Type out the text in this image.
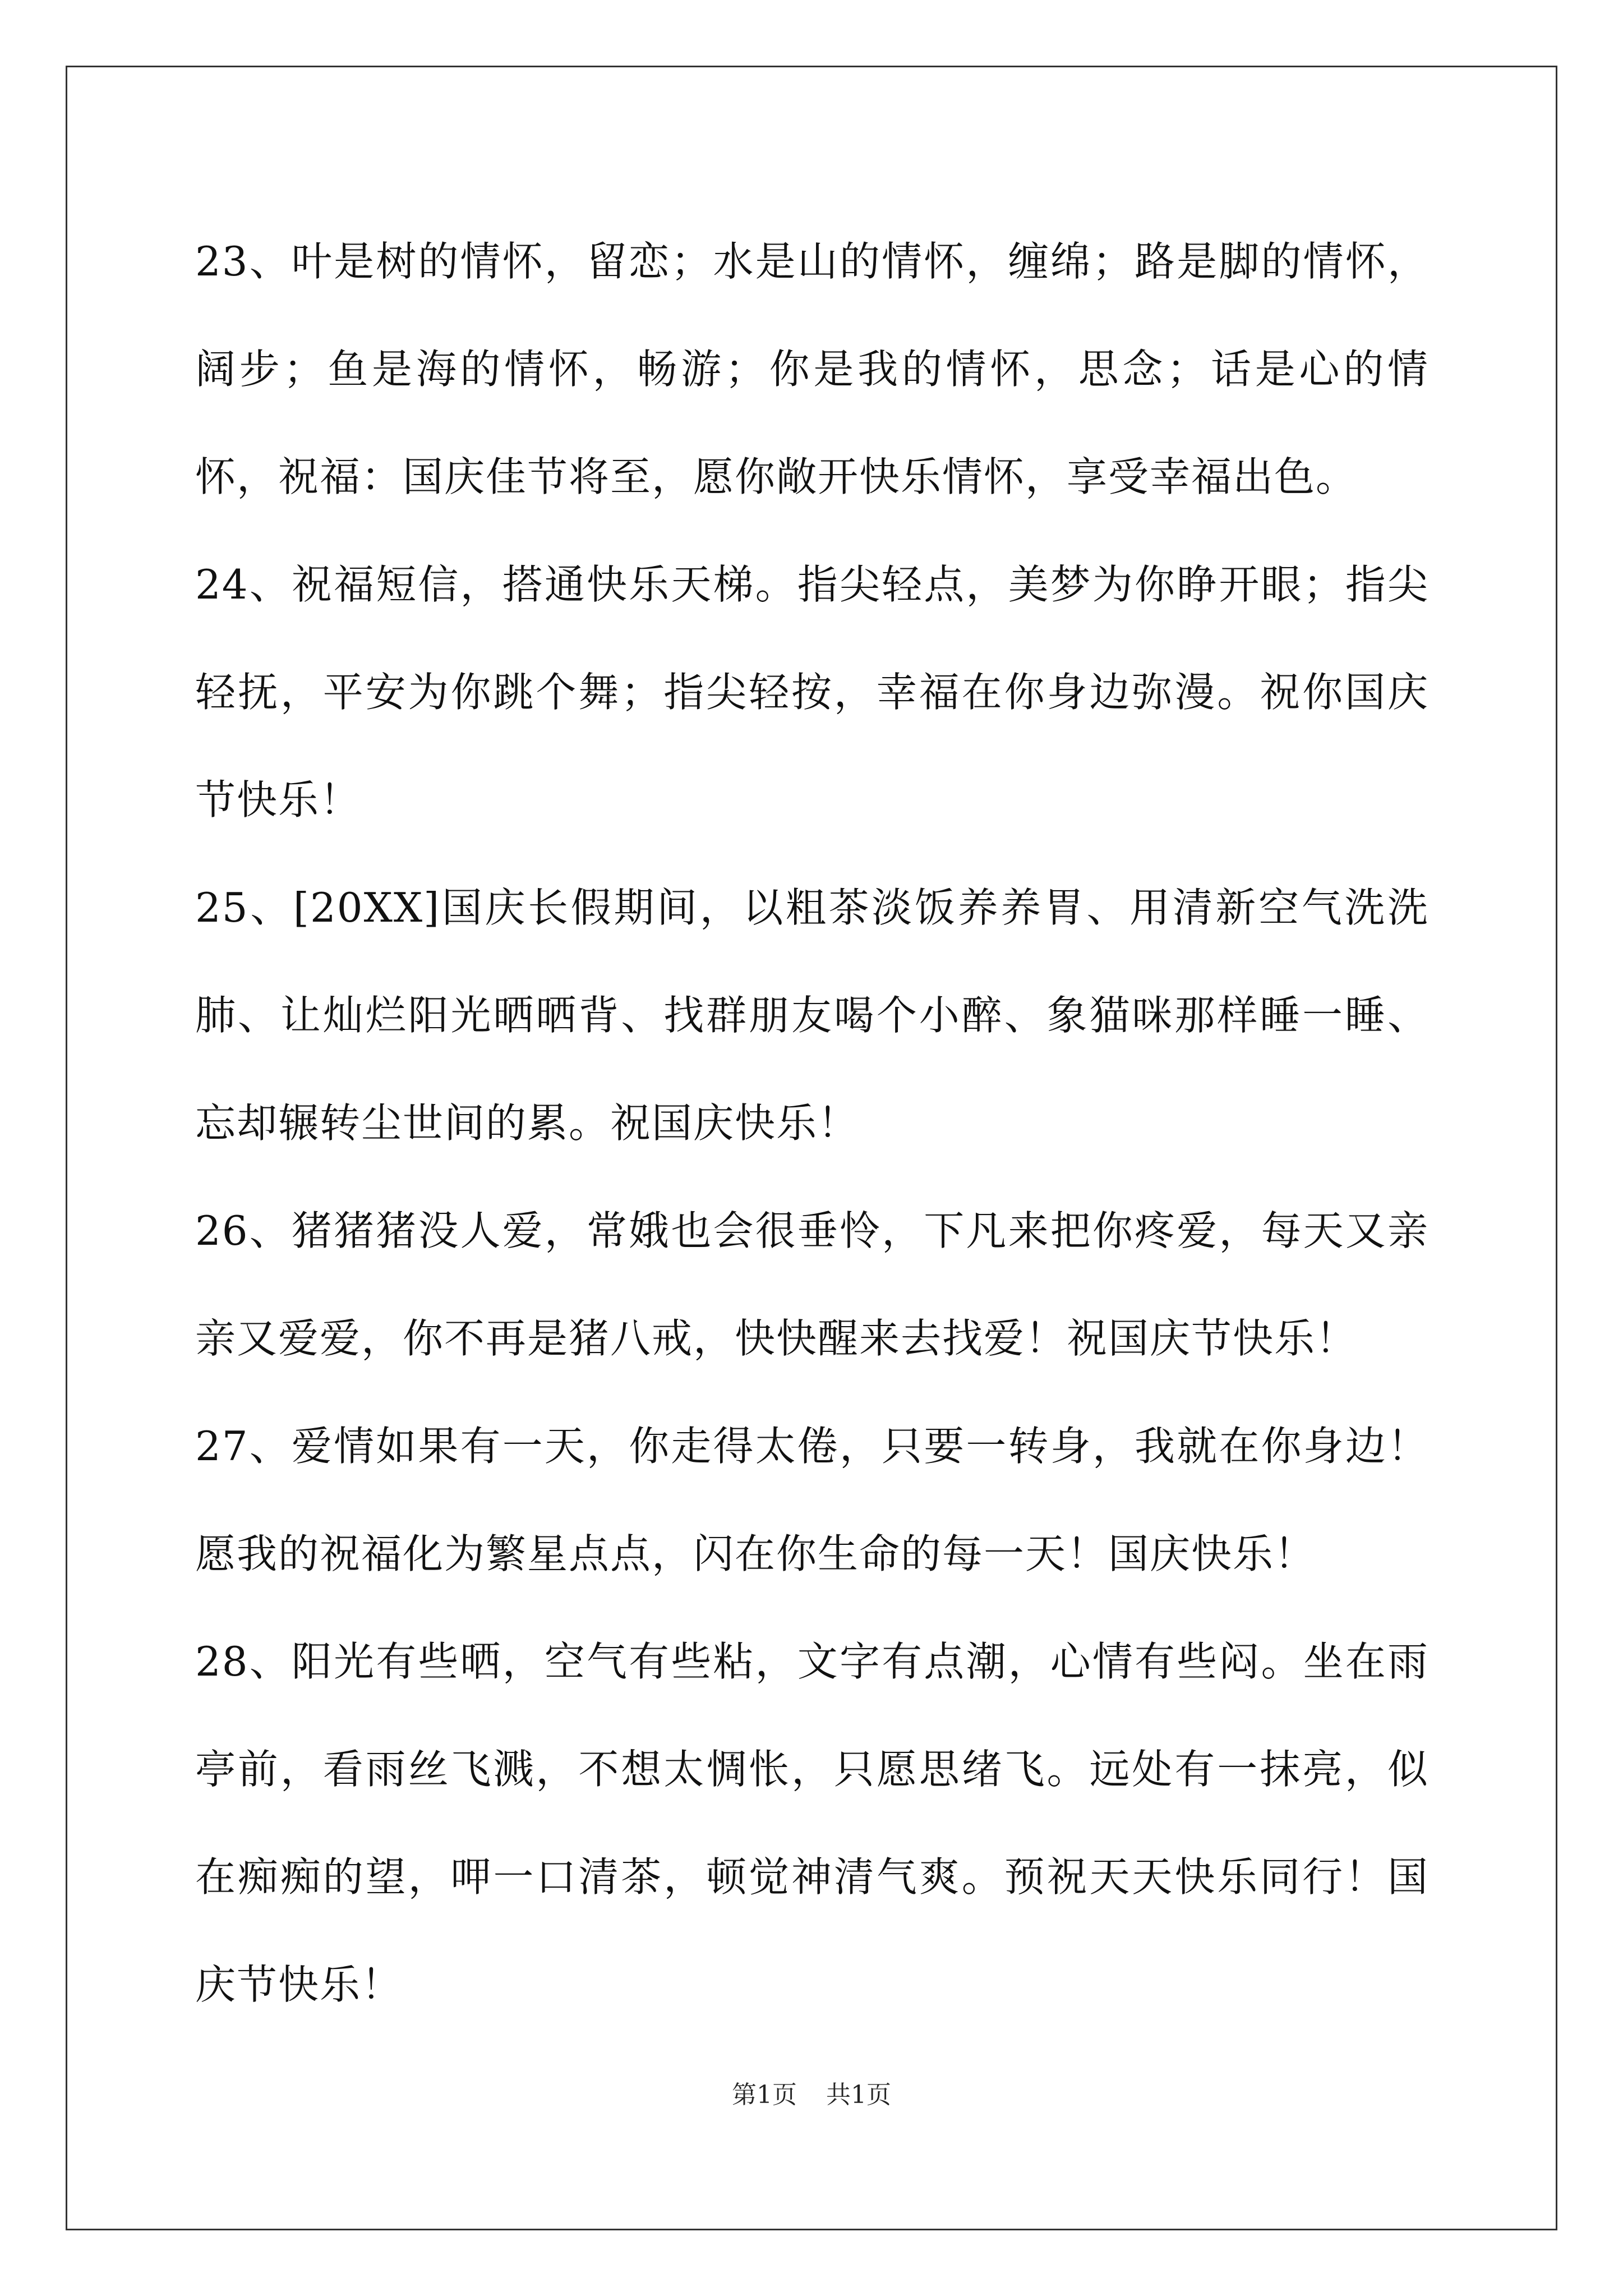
23、叶是树的情怀，留恋；水是山的情怀，缠绵；路是脚的情怀，阔步；鱼是海的情怀，畅游；你是我的情怀，思念；话是心的情怀，祝福：国庆佳节将至，愿你敞开快乐情怀，享受幸福出色。

24、祝福短信，搭通快乐天梯。指尖轻点，美梦为你睁开眼；指尖轻抚，平安为你跳个舞；指尖轻按，幸福在你身边弥漫。祝你国庆节快乐！

25、[20XX]国庆长假期间，以粗茶淡饭养养胃、用清新空气洗洗肺、让灿烂阳光晒晒背、找群朋友喝个小醉、象猫咪那样睡一睡、忘却辗转尘世间的累。祝国庆快乐！

26、猪猪猪没人爱，常娥也会很垂怜，下凡来把你疼爱，每天又亲亲又爱爱，你不再是猪八戒，快快醒来去找爱！祝国庆节快乐！

27、爱情如果有一天，你走得太倦，只要一转身，我就在你身边！愿我的祝福化为繁星点点，闪在你生命的每一天！国庆快乐！

28、阳光有些晒，空气有些粘，文字有点潮，心情有些闷。坐在雨亭前，看雨丝飞溅，不想太惆怅，只愿思绪飞。远处有一抹亮，似在痴痴的望，呷一口清茶，顿觉神清气爽。预祝天天快乐同行！国庆节快乐！

第1页 共1页
